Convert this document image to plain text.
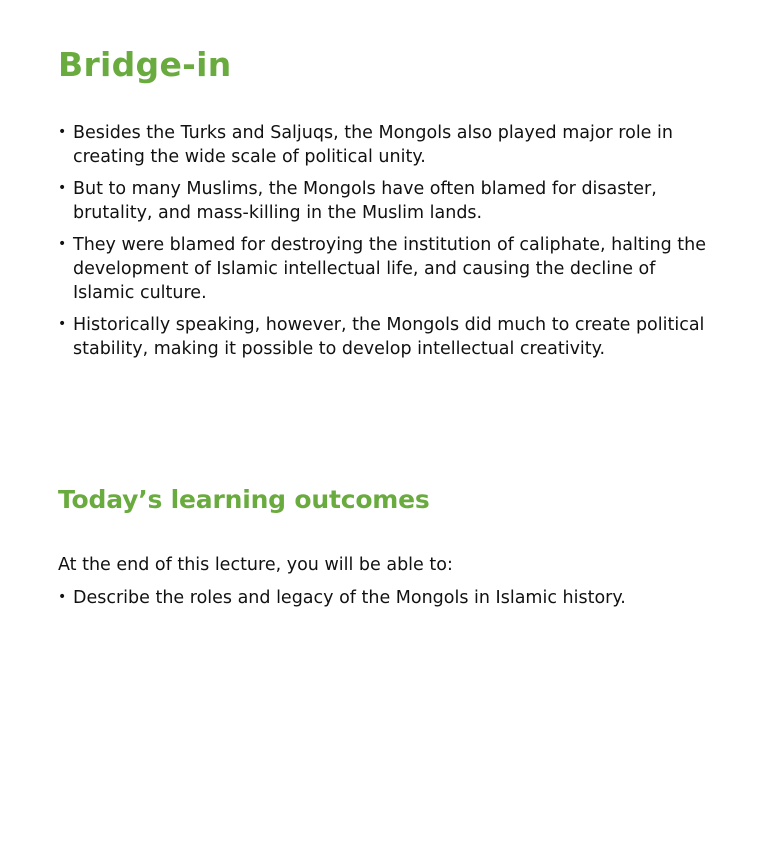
Bridge-in
• Besides the Turks and Saljuqs, the Mongols also played major role in creating the wide scale of political unity.
• But to many Muslims, the Mongols have often blamed for disaster, brutality, and mass-killing in the Muslim lands.
• They were blamed for destroying the institution of caliphate, halting the development of Islamic intellectual life, and causing the decline of Islamic culture.
• Historically speaking, however, the Mongols did much to create political stability, making it possible to develop intellectual creativity.
Today’s learning outcomes

At the end of this lecture, you will be able to:

• Describe the roles and legacy of the Mongols in Islamic history.
